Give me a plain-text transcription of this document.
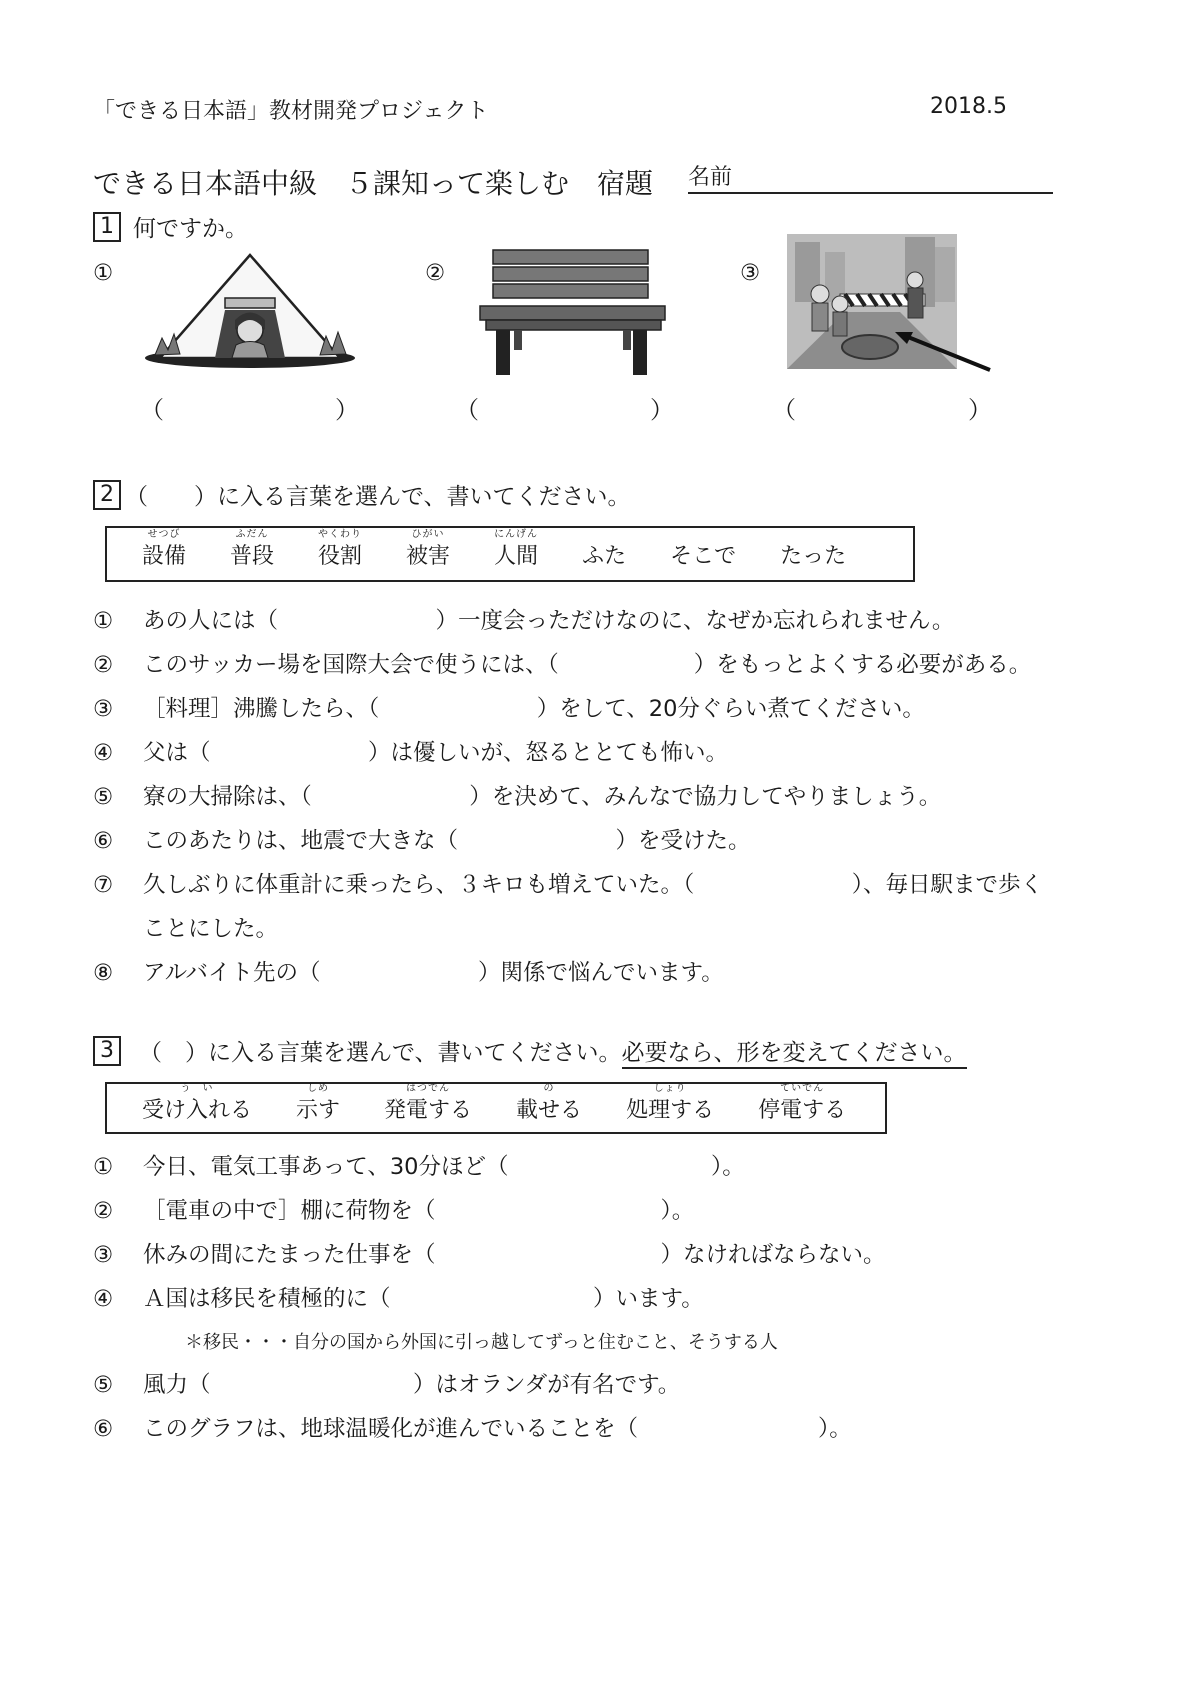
「できる日本語」教材開発プロジェクト	2018.5
できる日本語中級　５課知って楽しむ　宿題 名前
1 何ですか。
①
（	）
②
（	）
③
（	）
2 （　　）に入る言葉を選んで、書いてください。
せつび
設備
ふだん
普段
やくわり
役割
ひがい
被害
にんげん
人間 ふた そこで たった
① あの人には（　　　　　　　）一度会っただけなのに、なぜか忘れられません。
② このサッカー場を国際大会で使うには、（　　　　　　）をもっとよくする必要がある。
③ ［料理］沸騰したら、（　　　　　　　）をして、20分ぐらい煮てください。
④ 父は（　　　　　　　）は優しいが、怒るととても怖い。
⑤ 寮の大掃除は、（　　　　　　　）を決めて、みんなで協力してやりましょう。
⑥ このあたりは、地震で大きな（　　　　　　　）を受けた。
⑦ 久しぶりに体重計に乗ったら、３キロも増えていた。（　　　　　　　）、毎日駅まで歩く
ことにした。
⑧ アルバイト先の（　　　　　　　）関係で悩んでいます。
3 （　）に入る言葉を選んで、書いてください。必要なら、形を変えてください。
う　い
受け入れる
しめ
示す
はつでん
発電する
の
載せる
しょり
処理する
ていでん
停電する
① 今日、電気工事あって、30分ほど（　　　　　　　　　）。
② ［電車の中で］棚に荷物を（　　　　　　　　　　）。
③ 休みの間にたまった仕事を（　　　　　　　　　　）なければならない。
④ Ａ国は移民を積極的に（　　　　　　　　　）います。
＊移民・・・自分の国から外国に引っ越してずっと住むこと、そうする人
⑤ 風力（　　　　　　　　　）はオランダが有名です。
⑥ このグラフは、地球温暖化が進んでいることを（　　　　　　　　）。
